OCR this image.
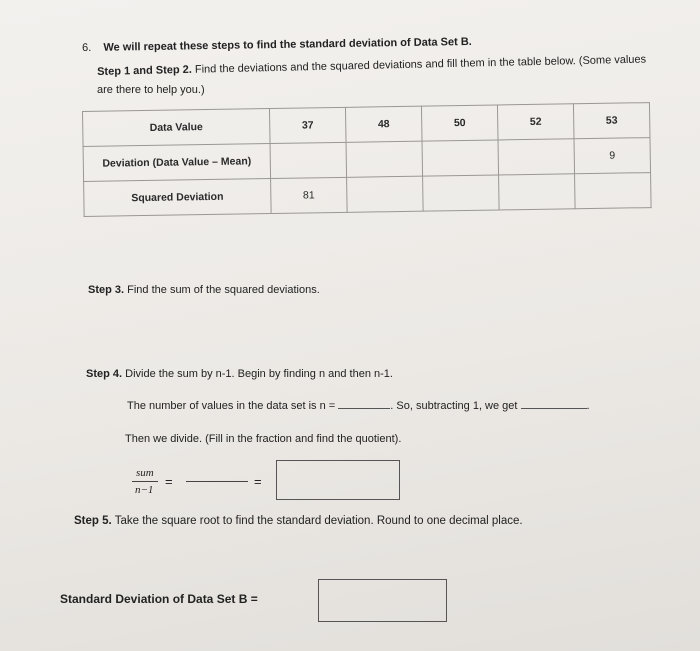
6. We will repeat these steps to find the standard deviation of Data Set B.
Step 1 and Step 2. Find the deviations and the squared deviations and fill them in the table below. (Some values
are there to help you.)
Data Value	37	48	50	52	53
Deviation (Data Value – Mean)					9
Squared Deviation	81				
Step 3. Find the sum of the squared deviations.
Step 4. Divide the sum by n-1. Begin by finding n and then n-1.
The number of values in the data set is n =	. So, subtracting 1, we get	.
Then we divide. (Fill in the fraction and find the quotient).
sum
n−1
=	=
Step 5. Take the square root to find the standard deviation. Round to one decimal place.
Standard Deviation of Data Set B =
